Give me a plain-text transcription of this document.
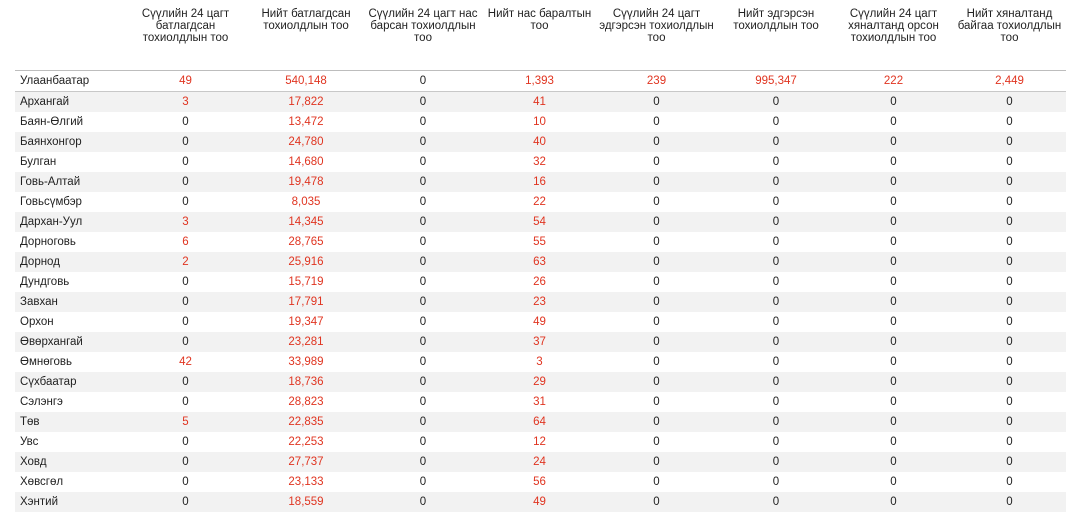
	Сүүлийн 24 цагт батлагдсан тохиолдлын тоо	Нийт батлагдсан тохиолдлын тоо	Сүүлийн 24 цагт нас барсан тохиолдлын тоо	Нийт нас баралтын тоо	Сүүлийн 24 цагт эдгэрсэн тохиолдлын тоо	Нийт эдгэрсэн тохиолдлын тоо	Сүүлийн 24 цагт хяналтанд орсон тохиолдлын тоо	Нийт хяналтанд байгаа тохиолдлын тоо	
Улаанбаатар	49	540,148	0	1,393	239	995,347	222	2,449	
Архангай	3	17,822	0	41	0	0	0	0	
Баян-Өлгий	0	13,472	0	10	0	0	0	0	
Баянхонгор	0	24,780	0	40	0	0	0	0	
Булган	0	14,680	0	32	0	0	0	0	
Говь-Алтай	0	19,478	0	16	0	0	0	0	
Говьсүмбэр	0	8,035	0	22	0	0	0	0	
Дархан-Уул	3	14,345	0	54	0	0	0	0	
Дорноговь	6	28,765	0	55	0	0	0	0	
Дорнод	2	25,916	0	63	0	0	0	0	
Дундговь	0	15,719	0	26	0	0	0	0	
Завхан	0	17,791	0	23	0	0	0	0	
Орхон	0	19,347	0	49	0	0	0	0	
Өвөрхангай	0	23,281	0	37	0	0	0	0	
Өмнөговь	42	33,989	0	3	0	0	0	0	
Сүхбаатар	0	18,736	0	29	0	0	0	0	
Сэлэнгэ	0	28,823	0	31	0	0	0	0	
Төв	5	22,835	0	64	0	0	0	0	
Увс	0	22,253	0	12	0	0	0	0	
Ховд	0	27,737	0	24	0	0	0	0	
Хөвсгөл	0	23,133	0	56	0	0	0	0	
Хэнтий	0	18,559	0	49	0	0	0	0	
